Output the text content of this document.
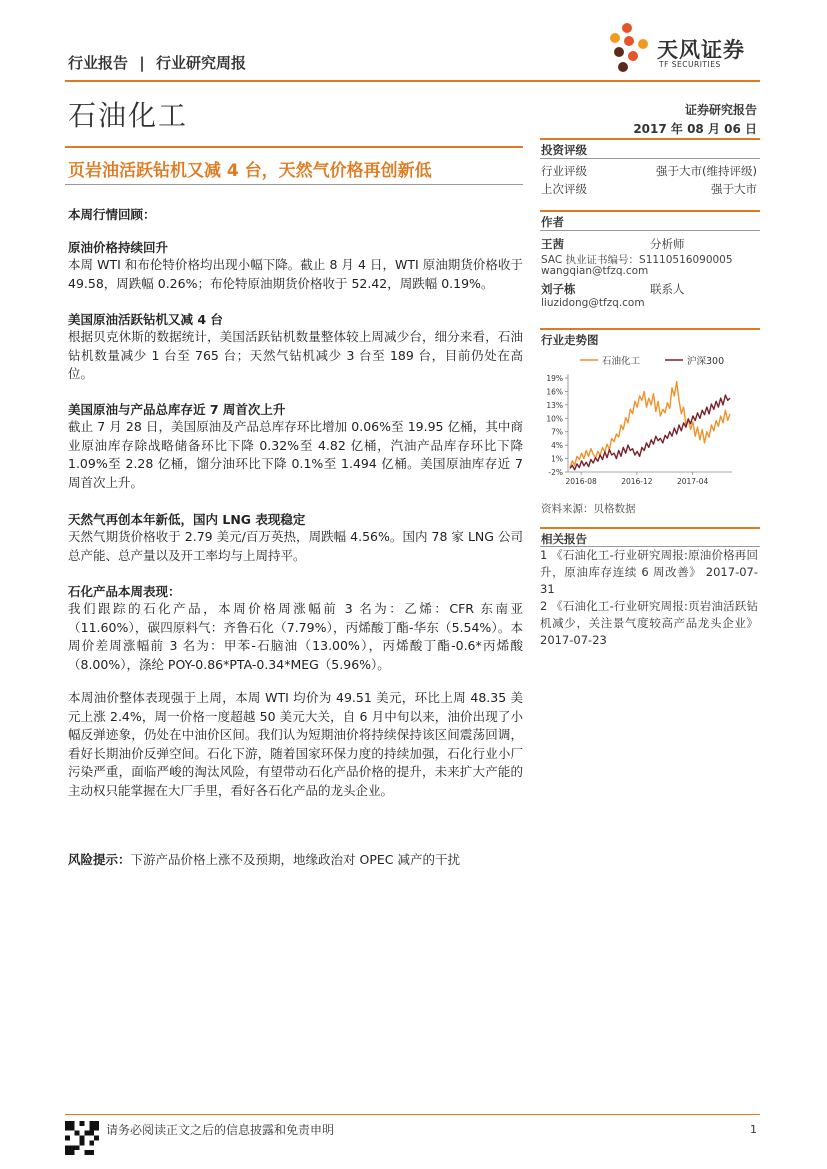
行业报告 | 行业研究周报
天风证券
TF SECURITIES
石油化工	证券研究报告
2017 年 08 月 06 日
页岩油活跃钻机又减 4 台，天然气价格再创新低
投资评级
行业评级	强于大市(维持评级)
上次评级	强于大市
作者
王茜	分析师
SAC 执业证书编号：S1110516090005
wangqian@tfzq.com
刘子栋	联系人
liuzidong@tfzq.com
行业走势图
石油化工	沪深300
19%
16%
13%
10%
7%
4%
1%
-2%
2016-08	2016-12	2017-04
资料来源：贝格数据
相关报告
1 《石油化工-行业研究周报:原油价格再回升，原油库存连续 6 周改善》 2017-07-31
2 《石油化工-行业研究周报:页岩油活跃钻机减少，关注景气度较高产品龙头企业》 2017-07-23
本周行情回顾：
原油价格持续回升
本周 WTI 和布伦特价格均出现小幅下降。截止 8 月 4 日，WTI 原油期货价格收于 49.58，周跌幅 0.26%；布伦特原油期货价格收于 52.42，周跌幅 0.19%。
美国原油活跃钻机又减 4 台
根据贝克休斯的数据统计，美国活跃钻机数量整体较上周减少台，细分来看，石油钻机数量减少 1 台至 765 台；天然气钻机减少 3 台至 189 台，目前仍处在高位。
美国原油与产品总库存近 7 周首次上升
截止 7 月 28 日，美国原油及产品总库存环比增加 0.06%至 19.95 亿桶，其中商业原油库存除战略储备环比下降 0.32%至 4.82 亿桶，汽油产品库存环比下降 1.09%至 2.28 亿桶，馏分油环比下降 0.1%至 1.494 亿桶。美国原油库存近 7 周首次上升。
天然气再创本年新低，国内 LNG 表现稳定
天然气期货价格收于 2.79 美元/百万英热，周跌幅 4.56%。国内 78 家 LNG 公司总产能、总产量以及开工率均与上周持平。
石化产品本周表现：
我们跟踪的石化产品，本周价格周涨幅前 3 名为：乙烯：CFR 东南亚（11.60%），碳四原料气：齐鲁石化（7.79%），丙烯酸丁酯-华东（5.54%）。本周价差周涨幅前 3 名为：甲苯-石脑油（13.00%），丙烯酸丁酯-0.6*丙烯酸（8.00%），涤纶 POY-0.86*PTA-0.34*MEG（5.96%）。
本周油价整体表现强于上周，本周 WTI 均价为 49.51 美元，环比上周 48.35 美元上涨 2.4%，周一价格一度超越 50 美元大关，自 6 月中旬以来，油价出现了小幅反弹迹象，仍处在中油价区间。我们认为短期油价将持续保持该区间震荡回调，看好长期油价反弹空间。石化下游，随着国家环保力度的持续加强，石化行业小厂污染严重，面临严峻的淘汰风险，有望带动石化产品价格的提升，未来扩大产能的主动权只能掌握在大厂手里，看好各石化产品的龙头企业。
风险提示：下游产品价格上涨不及预期，地缘政治对 OPEC 减产的干扰
请务必阅读正文之后的信息披露和免责申明	1
